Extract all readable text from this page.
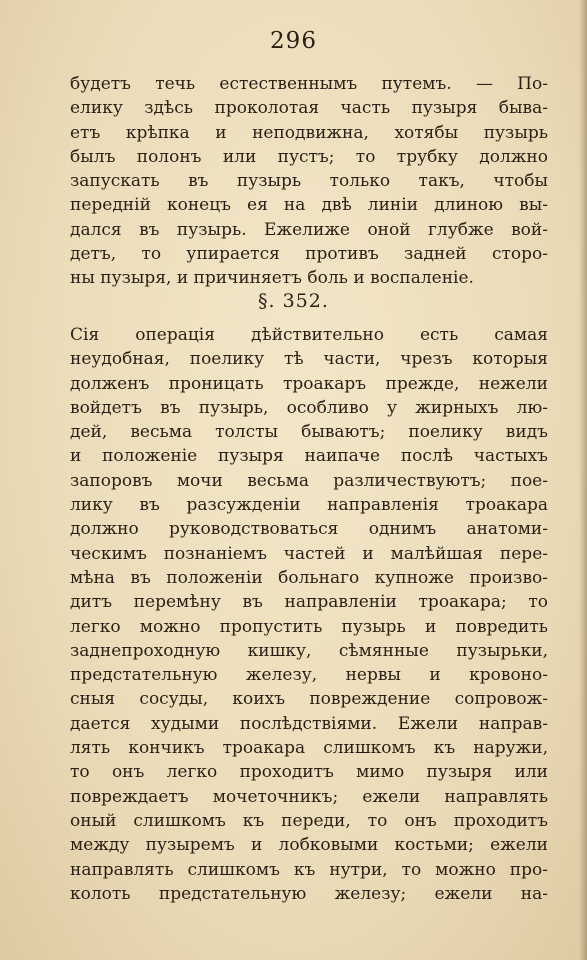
296
будетъ течь естественнымъ путемъ. — По-
елику здѣсь проколотая часть пузыря быва-
етъ крѣпка и неподвижна, хотябы пузырь
былъ полонъ или пустъ; то трубку должно
запускать въ пузырь только такъ, чтобы
передній конецъ ея на двѣ линіи длиною вы-
дался въ пузырь. Ежелиже оной глубже вой-
детъ, то упирается противъ задней сторо-
ны пузыря, и причиняетъ боль и воспаленіе.
§. 352.
Сія операція дѣйствительно есть самая
неудобная, поелику тѣ части, чрезъ которыя
долженъ проницать троакаръ прежде, нежели
войдетъ въ пузырь, особливо у жирныхъ лю-
дей, весьма толсты бываютъ; поелику видъ
и положеніе пузыря наипаче послѣ частыхъ
запоровъ мочи весьма различествуютъ; пое-
лику въ разсужденіи направленія троакара
должно руководствоваться однимъ анатоми-
ческимъ познаніемъ частей и малѣйшая пере-
мѣна въ положеніи больнаго купноже произво-
дитъ перемѣну въ направленіи троакара; то
легко можно пропустить пузырь и повредить
заднепроходную кишку, сѣмянные пузырьки,
предстательную железу, нервы и кровоно-
сныя сосуды, коихъ повреждение сопровож-
дается худыми послѣдствіями. Ежели направ-
лять кончикъ троакара слишкомъ къ наружи,
то онъ легко проходитъ мимо пузыря или
повреждаетъ мочеточникъ; ежели направлять
оный слишкомъ къ переди, то онъ проходитъ
между пузыремъ и лобковыми костьми; ежели
направлять слишкомъ къ нутри, то можно про-
колоть предстательную железу; ежели на-
